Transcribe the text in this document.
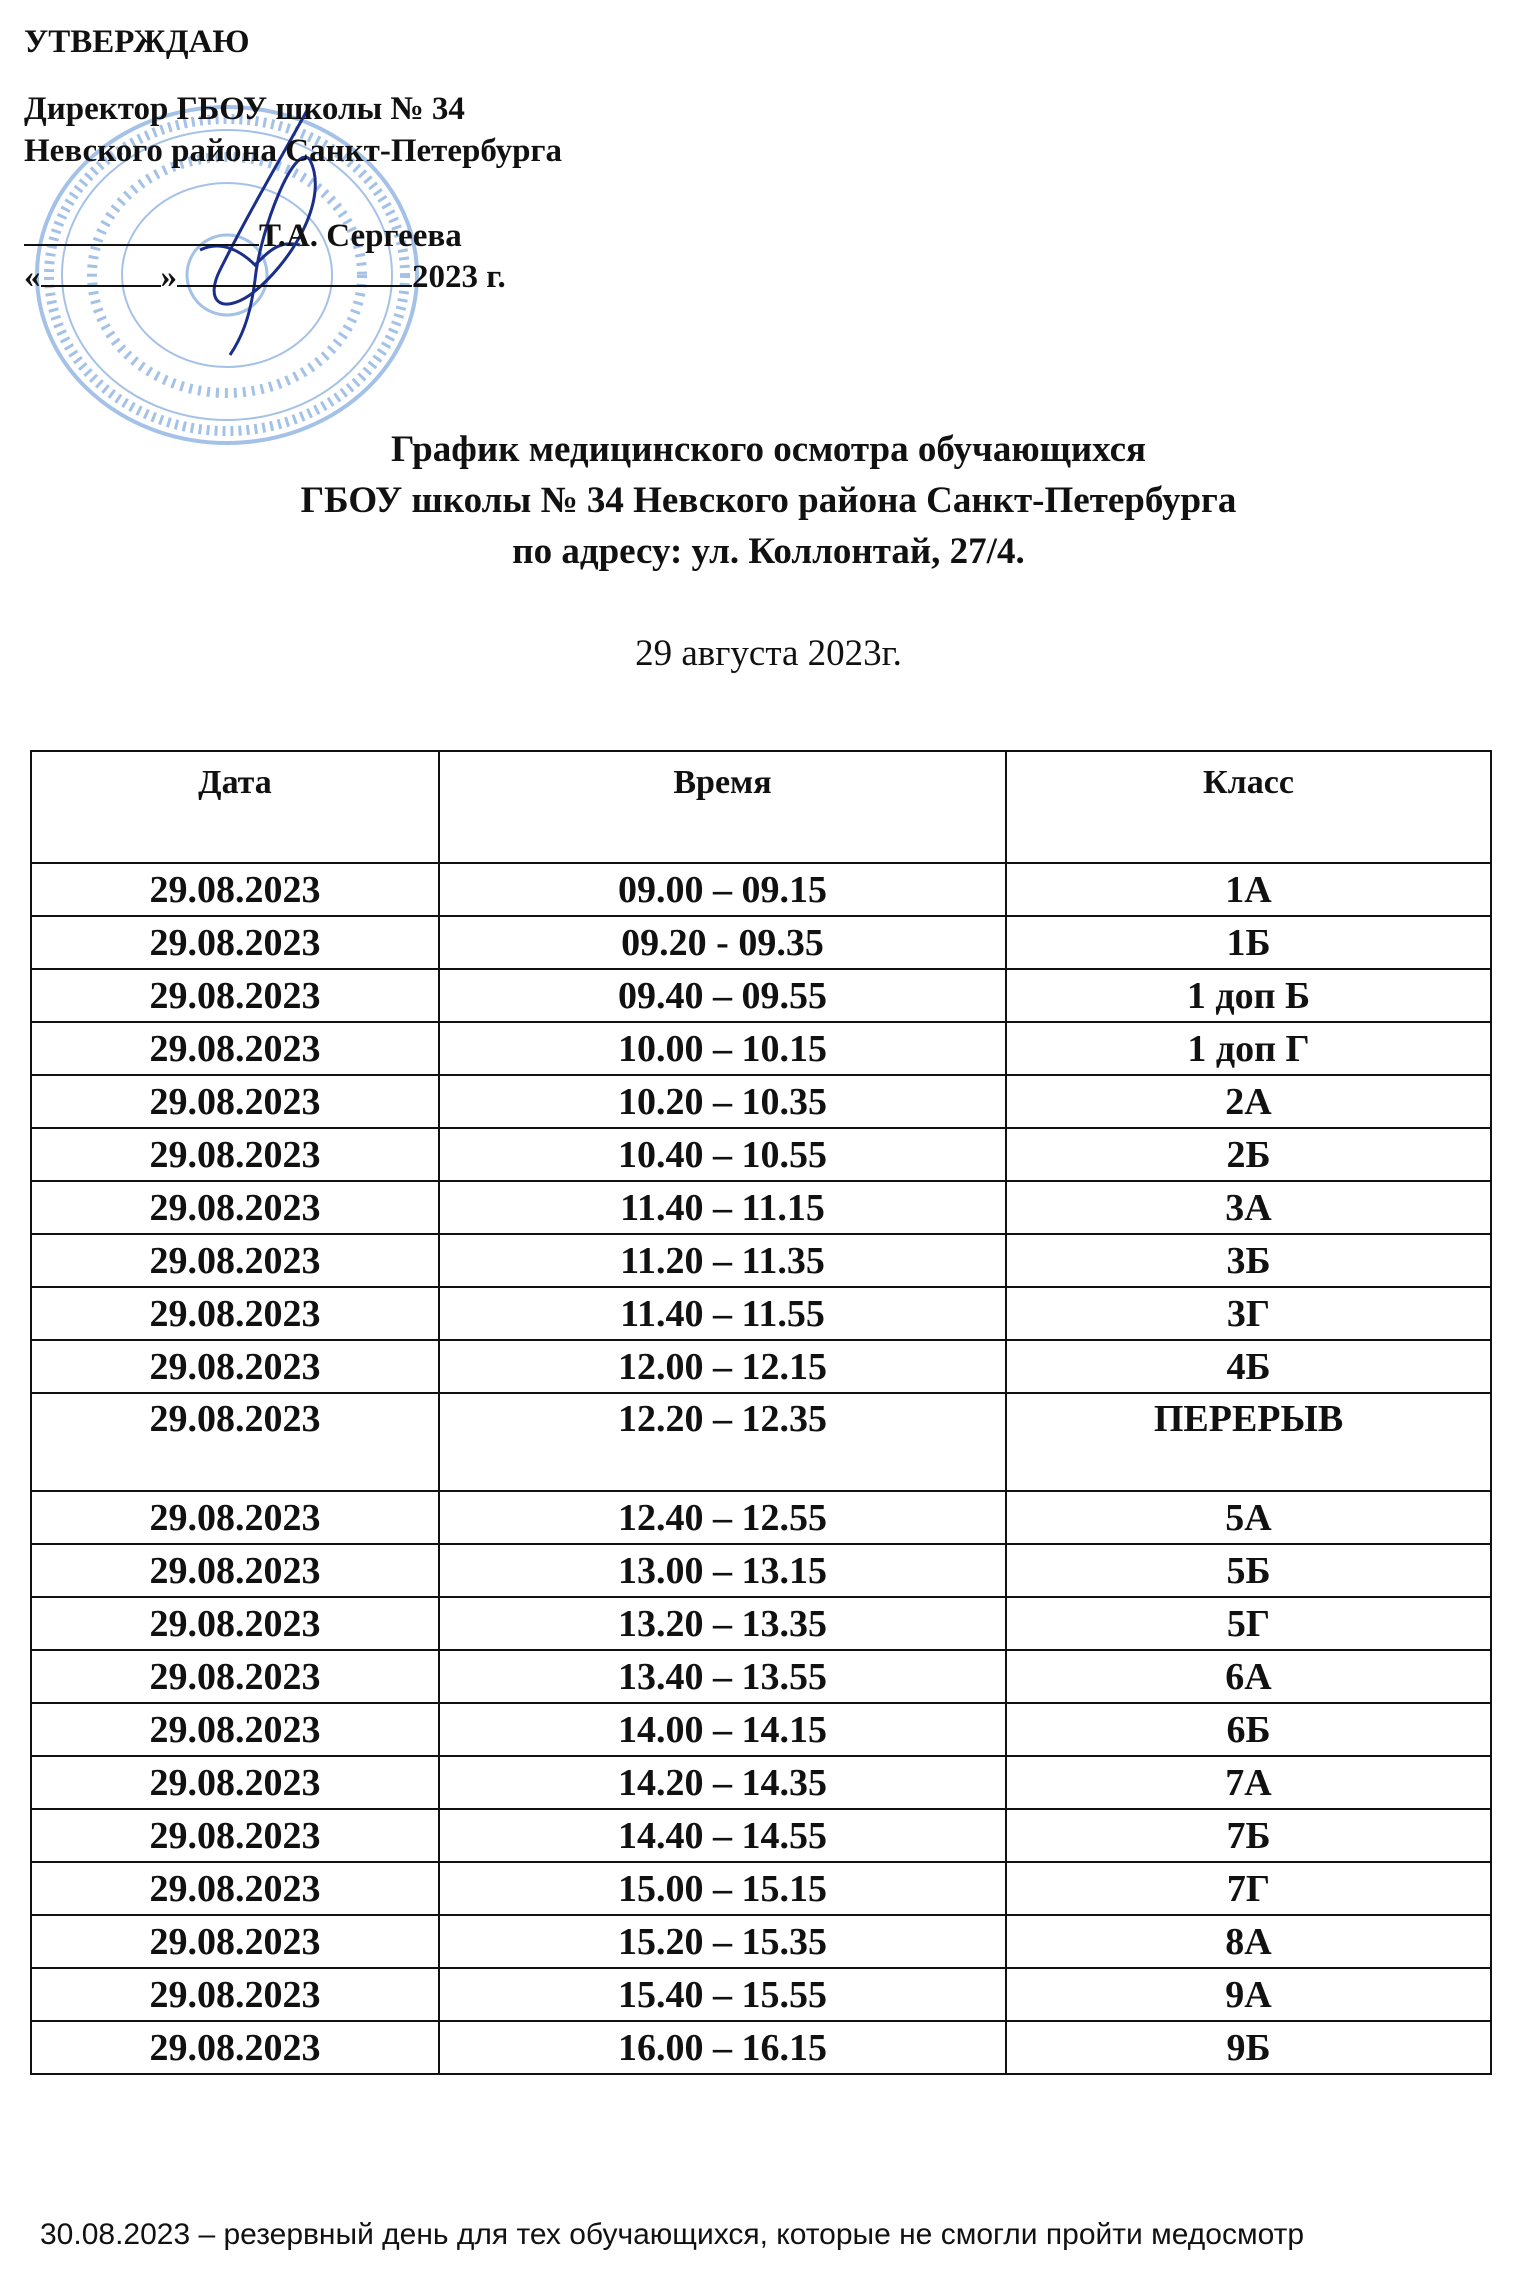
УТВЕРЖДАЮ
Директор ГБОУ школы № 34
Невского района Санкт-Петербурга
Т.А. Сергеева
«	»	2023 г.
График медицинского осмотра обучающихся
ГБОУ школы № 34 Невского района Санкт-Петербурга
по адресу: ул. Коллонтай, 27/4.
29 августа 2023г.
Дата	Время	Класс
29.08.2023	09.00 – 09.15	1А
29.08.2023	09.20 - 09.35	1Б
29.08.2023	09.40 – 09.55	1 доп Б
29.08.2023	10.00 – 10.15	1 доп Г
29.08.2023	10.20 – 10.35	2А
29.08.2023	10.40 – 10.55	2Б
29.08.2023	11.40 – 11.15	3А
29.08.2023	11.20 – 11.35	3Б
29.08.2023	11.40 – 11.55	3Г
29.08.2023	12.00 – 12.15	4Б
29.08.2023	12.20 – 12.35	ПЕРЕРЫВ
29.08.2023	12.40 – 12.55	5А
29.08.2023	13.00 – 13.15	5Б
29.08.2023	13.20 – 13.35	5Г
29.08.2023	13.40 – 13.55	6А
29.08.2023	14.00 – 14.15	6Б
29.08.2023	14.20 – 14.35	7А
29.08.2023	14.40 – 14.55	7Б
29.08.2023	15.00 – 15.15	7Г
29.08.2023	15.20 – 15.35	8А
29.08.2023	15.40 – 15.55	9А
29.08.2023	16.00 – 16.15	9Б
30.08.2023 – резервный день для тех обучающихся, которые не смогли пройти медосмотр
